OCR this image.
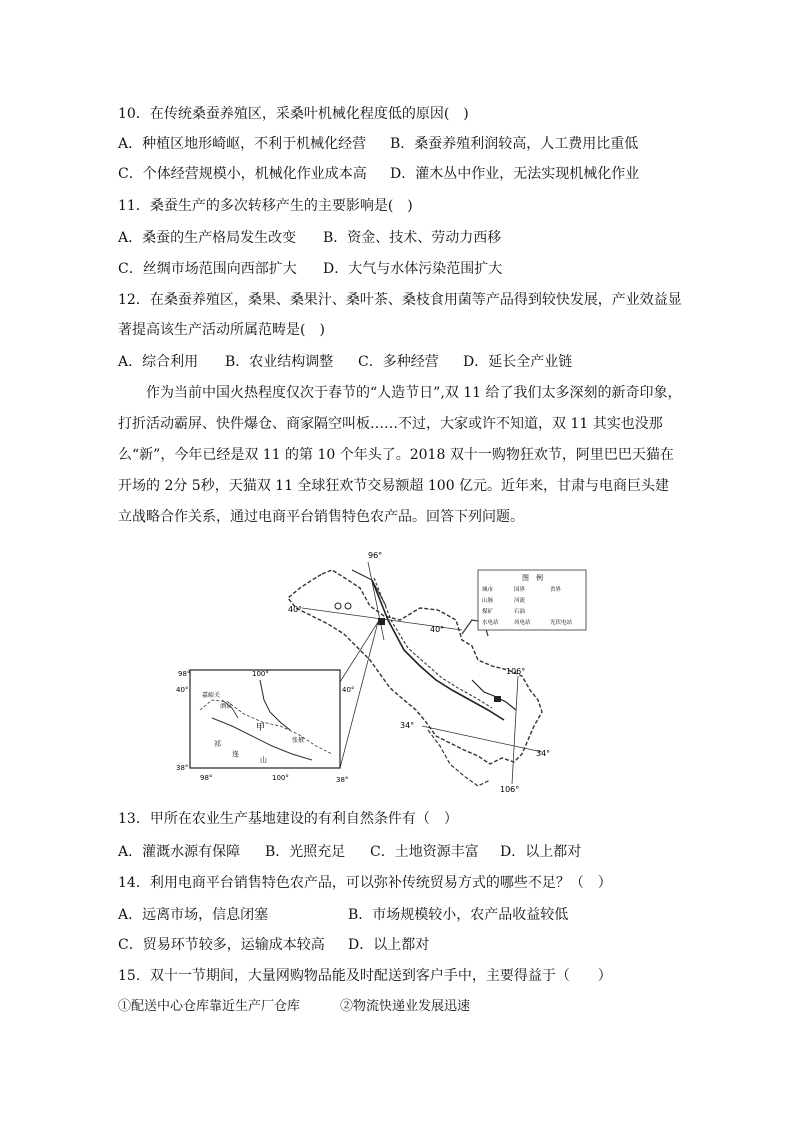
10．在传统桑蚕养殖区，采桑叶机械化程度低的原因(　)
A．种植区地形崎岖，不利于机械化经营 B．桑蚕养殖利润较高，人工费用比重低
C．个体经营规模小，机械化作业成本高 D．灌木丛中作业，无法实现机械化作业
11．桑蚕生产的多次转移产生的主要影响是(　)
A．桑蚕的生产格局发生改变 B．资金、技术、劳动力西移
C．丝绸市场范围向西部扩大 D．大气与水体污染范围扩大
12．在桑蚕养殖区，桑果、桑果汁、桑叶茶、桑枝食用菌等产品得到较快发展，产业效益显
著提高该生产活动所属范畴是(　)
A．综合利用 B．农业结构调整 C．多种经营 D．延长全产业链
作为当前中国火热程度仅次于春节的“人造节日”,双 11 给了我们太多深刻的新奇印象，打折活动霸屏、快件爆仓、商家隔空叫板……不过，大家或许不知道，双 11 其实也没那么“新”，今年已经是双 11 的第 10 个年头了。2018 双十一购物狂欢节，阿里巴巴天猫在开场的 2分 5秒，天猫双 11 全球狂欢节交易额超 100 亿元。近年来，甘肃与电商巨头建立战略合作关系，通过电商平台销售特色农产品。回答下列问题。
96°
40°
40°
106°
34°
34°
106°
图　例
城市	国界	省界
山脉	河流
煤矿	石油
水电站	风电站	光伏电站
98°	100°
40°	40°
38°
38°
98°	100°
嘉峪关
酒泉
甲
张掖
祁
连
山
13．甲所在农业生产基地建设的有利自然条件有（　）
A．灌溉水源有保障 B．光照充足 C．土地资源丰富 D．以上都对
14．利用电商平台销售特色农产品，可以弥补传统贸易方式的哪些不足？（　）
A．远离市场，信息闭塞	B．市场规模较小，农产品收益较低
C．贸易环节较多，运输成本较高 D．以上都对
15．双十一节期间，大量网购物品能及时配送到客户手中，主要得益于（　　）
①配送中心仓库靠近生产厂仓库	②物流快递业发展迅速
